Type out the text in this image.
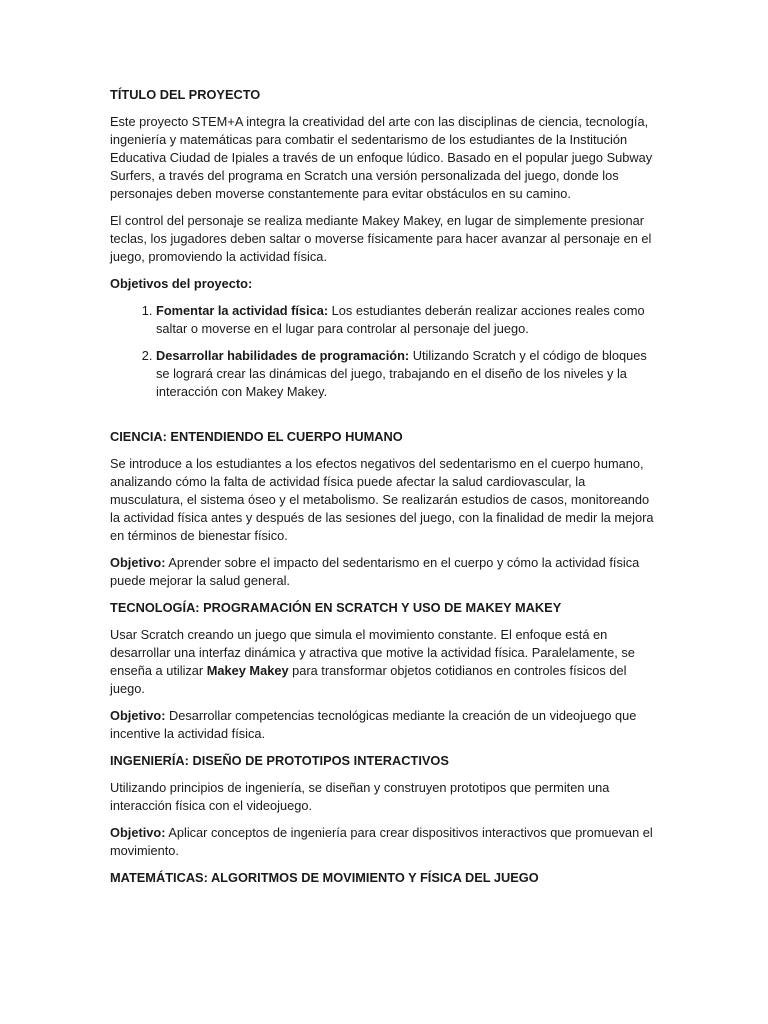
TÍTULO DEL PROYECTO

Este proyecto STEM+A integra la creatividad del arte con las disciplinas de ciencia, tecnología, ingeniería y matemáticas para combatir el sedentarismo de los estudiantes de la Institución Educativa Ciudad de Ipiales a través de un enfoque lúdico. Basado en el popular juego Subway Surfers, a través del programa en Scratch una versión personalizada del juego, donde los personajes deben moverse constantemente para evitar obstáculos en su camino.

El control del personaje se realiza mediante Makey Makey, en lugar de simplemente presionar teclas, los jugadores deben saltar o moverse físicamente para hacer avanzar al personaje en el juego, promoviendo la actividad física.

Objetivos del proyecto:
1. Fomentar la actividad física: Los estudiantes deberán realizar acciones reales como saltar o moverse en el lugar para controlar al personaje del juego.
2. Desarrollar habilidades de programación: Utilizando Scratch y el código de bloques se logrará crear las dinámicas del juego, trabajando en el diseño de los niveles y la interacción con Makey Makey.
CIENCIA: ENTENDIENDO EL CUERPO HUMANO

Se introduce a los estudiantes a los efectos negativos del sedentarismo en el cuerpo humano, analizando cómo la falta de actividad física puede afectar la salud cardiovascular, la musculatura, el sistema óseo y el metabolismo. Se realizarán estudios de casos, monitoreando la actividad física antes y después de las sesiones del juego, con la finalidad de medir la mejora en términos de bienestar físico.

Objetivo: Aprender sobre el impacto del sedentarismo en el cuerpo y cómo la actividad física puede mejorar la salud general.

TECNOLOGÍA: PROGRAMACIÓN EN SCRATCH Y USO DE MAKEY MAKEY

Usar Scratch creando un juego que simula el movimiento constante. El enfoque está en desarrollar una interfaz dinámica y atractiva que motive la actividad física. Paralelamente, se enseña a utilizar Makey Makey para transformar objetos cotidianos en controles físicos del juego.

Objetivo: Desarrollar competencias tecnológicas mediante la creación de un videojuego que incentive la actividad física.

INGENIERÍA: DISEÑO DE PROTOTIPOS INTERACTIVOS

Utilizando principios de ingeniería, se diseñan y construyen prototipos que permiten una interacción física con el videojuego.

Objetivo: Aplicar conceptos de ingeniería para crear dispositivos interactivos que promuevan el movimiento.

MATEMÁTICAS: ALGORITMOS DE MOVIMIENTO Y FÍSICA DEL JUEGO
